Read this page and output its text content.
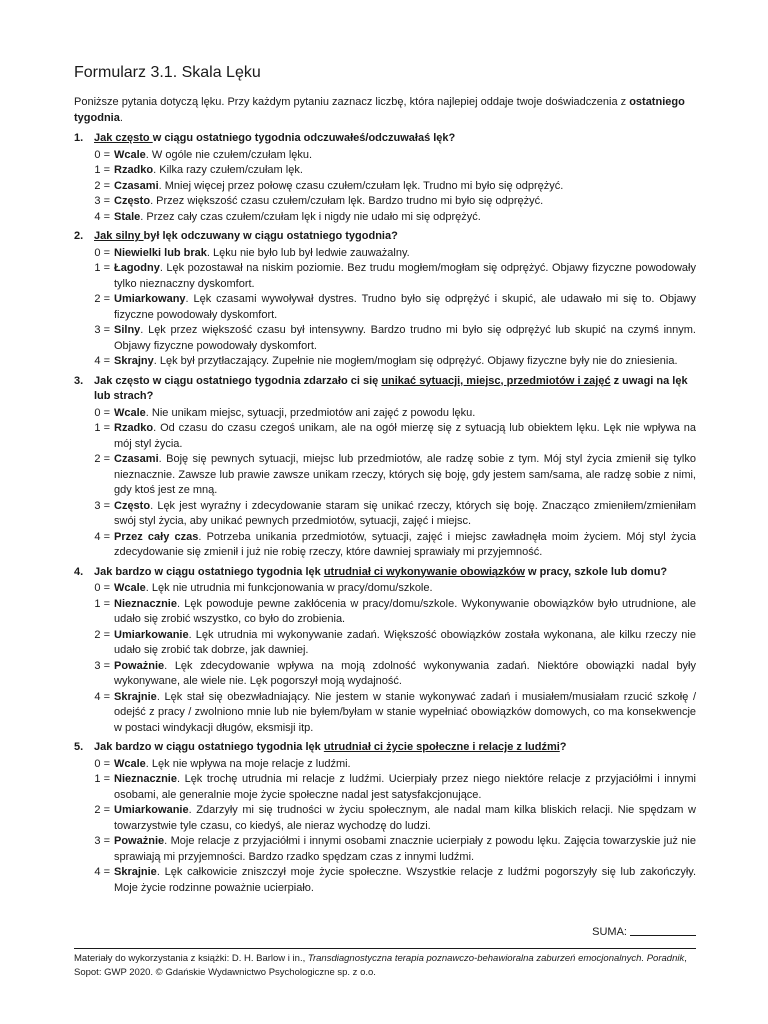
Formularz 3.1. Skala Lęku

Poniższe pytania dotyczą lęku. Przy każdym pytaniu zaznacz liczbę, która najlepiej oddaje twoje doświadczenia z ostatniego tygodnia.

1. Jak często w ciągu ostatniego tygodnia odczuwałeś/odczuwałaś lęk?
0 = Wcale. W ogóle nie czułem/czułam lęku.
1 = Rzadko. Kilka razy czułem/czułam lęk.
2 = Czasami. Mniej więcej przez połowę czasu czułem/czułam lęk. Trudno mi było się odprężyć.
3 = Często. Przez większość czasu czułem/czułam lęk. Bardzo trudno mi było się odprężyć.
4 = Stale. Przez cały czas czułem/czułam lęk i nigdy nie udało mi się odprężyć.
2. Jak silny był lęk odczuwany w ciągu ostatniego tygodnia?
0 = Niewielki lub brak. Lęku nie było lub był ledwie zauważalny.
1 = Łagodny. Lęk pozostawał na niskim poziomie. Bez trudu mogłem/mogłam się odprężyć. Objawy fizyczne powodowały tylko nieznaczny dyskomfort.
2 = Umiarkowany. Lęk czasami wywoływał dystres. Trudno było się odprężyć i skupić, ale udawało mi się to. Objawy fizyczne powodowały dyskomfort.
3 = Silny. Lęk przez większość czasu był intensywny. Bardzo trudno mi było się odprężyć lub skupić na czymś innym. Objawy fizyczne powodowały dyskomfort.
4 = Skrajny. Lęk był przytłaczający. Zupełnie nie mogłem/mogłam się odprężyć. Objawy fizyczne były nie do zniesienia.
3. Jak często w ciągu ostatniego tygodnia zdarzało ci się unikać sytuacji, miejsc, przedmiotów i zajęć z uwagi na lęk lub strach?
0 = Wcale. Nie unikam miejsc, sytuacji, przedmiotów ani zajęć z powodu lęku.
1 = Rzadko. Od czasu do czasu czegoś unikam, ale na ogół mierzę się z sytuacją lub obiektem lęku. Lęk nie wpływa na mój styl życia.
2 = Czasami. Boję się pewnych sytuacji, miejsc lub przedmiotów, ale radzę sobie z tym. Mój styl życia zmienił się tylko nieznacznie. Zawsze lub prawie zawsze unikam rzeczy, których się boję, gdy jestem sam/sama, ale radzę sobie z nimi, gdy ktoś jest ze mną.
3 = Często. Lęk jest wyraźny i zdecydowanie staram się unikać rzeczy, których się boję. Znacząco zmieniłem/zmieniłam swój styl życia, aby unikać pewnych przedmiotów, sytuacji, zajęć i miejsc.
4 = Przez cały czas. Potrzeba unikania przedmiotów, sytuacji, zajęć i miejsc zawładnęła moim życiem. Mój styl życia zdecydowanie się zmienił i już nie robię rzeczy, które dawniej sprawiały mi przyjemność.
4. Jak bardzo w ciągu ostatniego tygodnia lęk utrudniał ci wykonywanie obowiązków w pracy, szkole lub domu?
0 = Wcale. Lęk nie utrudnia mi funkcjonowania w pracy/domu/szkole.
1 = Nieznacznie. Lęk powoduje pewne zakłócenia w pracy/domu/szkole. Wykonywanie obowiązków było utrudnione, ale udało się zrobić wszystko, co było do zrobienia.
2 = Umiarkowanie. Lęk utrudnia mi wykonywanie zadań. Większość obowiązków została wykonana, ale kilku rzeczy nie udało się zrobić tak dobrze, jak dawniej.
3 = Poważnie. Lęk zdecydowanie wpływa na moją zdolność wykonywania zadań. Niektóre obowiązki nadal były wykonywane, ale wiele nie. Lęk pogorszył moją wydajność.
4 = Skrajnie. Lęk stał się obezwładniający. Nie jestem w stanie wykonywać zadań i musiałem/musiałam rzucić szkołę / odejść z pracy / zwolniono mnie lub nie byłem/byłam w stanie wypełniać obowiązków domowych, co ma konsekwencje w postaci windykacji długów, eksmisji itp.
5. Jak bardzo w ciągu ostatniego tygodnia lęk utrudniał ci życie społeczne i relacje z ludźmi?
0 = Wcale. Lęk nie wpływa na moje relacje z ludźmi.
1 = Nieznacznie. Lęk trochę utrudnia mi relacje z ludźmi. Ucierpiały przez niego niektóre relacje z przyjaciółmi i innymi osobami, ale generalnie moje życie społeczne nadal jest satysfakcjonujące.
2 = Umiarkowanie. Zdarzyły mi się trudności w życiu społecznym, ale nadal mam kilka bliskich relacji. Nie spędzam w towarzystwie tyle czasu, co kiedyś, ale nieraz wychodzę do ludzi.
3 = Poważnie. Moje relacje z przyjaciółmi i innymi osobami znacznie ucierpiały z powodu lęku. Zajęcia towarzyskie już nie sprawiają mi przyjemności. Bardzo rzadko spędzam czas z innymi ludźmi.
4 = Skrajnie. Lęk całkowicie zniszczył moje życie społeczne. Wszystkie relacje z ludźmi pogorszyły się lub zakończyły. Moje życie rodzinne poważnie ucierpiało.
SUMA:
Materiały do wykorzystania z książki: D. H. Barlow i in., Transdiagnostyczna terapia poznawczo-behawioralna zaburzeń emocjonalnych. Poradnik, Sopot: GWP 2020. © Gdańskie Wydawnictwo Psychologiczne sp. z o.o.
